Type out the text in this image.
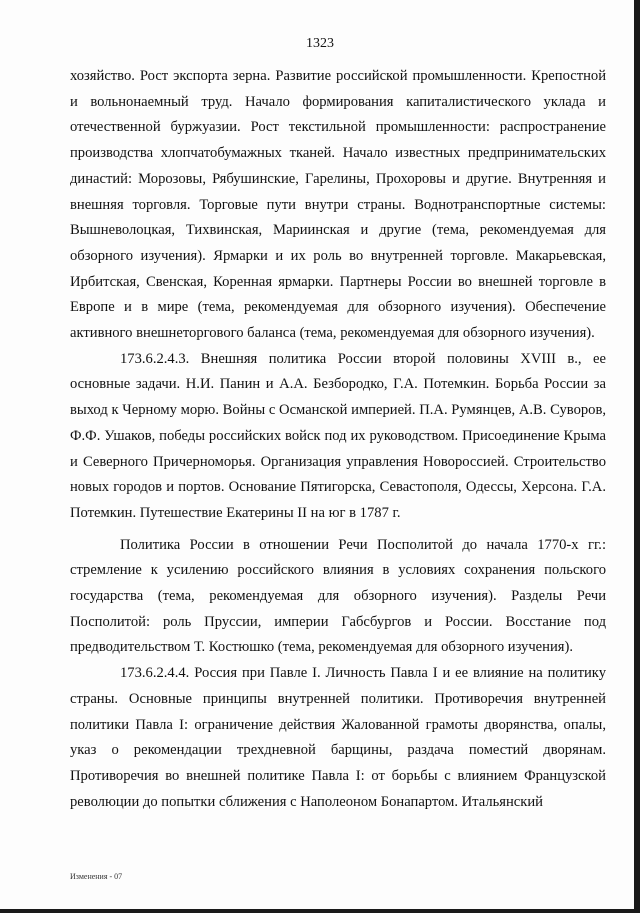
1323

хозяйство. Рост экспорта зерна. Развитие российской промышленности. Крепостной и вольнонаемный труд. Начало формирования капиталистического уклада и отечественной буржуазии. Рост текстильной промышленности: распространение производства хлопчатобумажных тканей. Начало известных предпринимательских династий: Морозовы, Рябушинские, Гарелины, Прохоровы и другие. Внутренняя и внешняя торговля. Торговые пути внутри страны. Воднотранспортные системы: Вышневолоцкая, Тихвинская, Мариинская и другие (тема, рекомендуемая для обзорного изучения). Ярмарки и их роль во внутренней торговле. Макарьевская, Ирбитская, Свенская, Коренная ярмарки. Партнеры России во внешней торговле в Европе и в мире (тема, рекомендуемая для обзорного изучения). Обеспечение активного внешнеторгового баланса (тема, рекомендуемая для обзорного изучения).

173.6.2.4.3. Внешняя политика России второй половины XVIII в., ее основные задачи. Н.И. Панин и А.А. Безбородко, Г.А. Потемкин. Борьба России за выход к Черному морю. Войны с Османской империей. П.А. Румянцев, А.В. Суворов, Ф.Ф. Ушаков, победы российских войск под их руководством. Присоединение Крыма и Северного Причерноморья. Организация управления Новороссией. Строительство новых городов и портов. Основание Пятигорска, Севастополя, Одессы, Херсона. Г.А. Потемкин. Путешествие Екатерины II на юг в 1787 г.

Политика России в отношении Речи Посполитой до начала 1770-х гг.: стремление к усилению российского влияния в условиях сохранения польского государства (тема, рекомендуемая для обзорного изучения). Разделы Речи Посполитой: роль Пруссии, империи Габсбургов и России. Восстание под предводительством Т. Костюшко (тема, рекомендуемая для обзорного изучения).

173.6.2.4.4. Россия при Павле I. Личность Павла I и ее влияние на политику страны. Основные принципы внутренней политики. Противоречия внутренней политики Павла I: ограничение действия Жалованной грамоты дворянства, опалы, указ о рекомендации трехдневной барщины, раздача поместий дворянам. Противоречия во внешней политике Павла I: от борьбы с влиянием Французской революции до попытки сближения с Наполеоном Бонапартом. Итальянский

Изменения - 07
